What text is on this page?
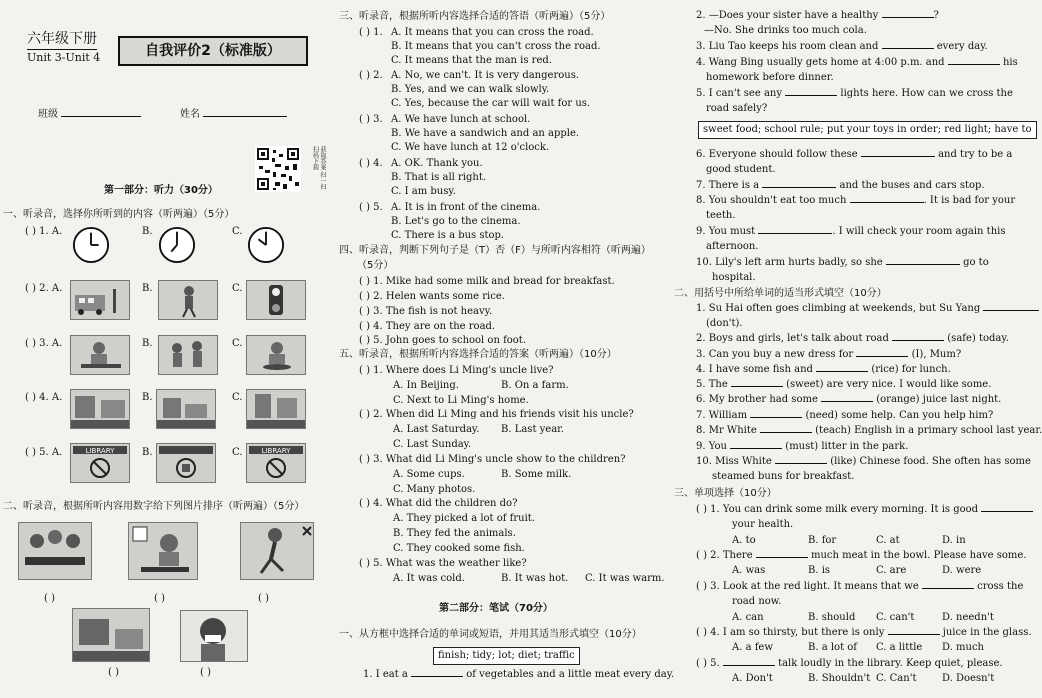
六年级下册
Unit 3-Unit 4	自我评价2（标准版）
班级	姓名
获取答案 扫一扫 扫码下载
第一部分：听力（30分）
一、听录音，选择你所听到的内容（听两遍）（5分）
( ) 1. A.	B.	C.
( ) 2. A.	B.	C.
( ) 3. A.	B.	C.
( ) 4. A.	B.	C.
( ) 5. A.	LIBRARY	B.	C.	LIBRARY
二、听录音，根据所听内容用数字给下列图片排序（听两遍）（5分）
( )	( )	( )
( )	( )
三、听录音，根据所听内容选择合适的答语（听两遍）（5分）
( ) 1. A. It means that you can cross the road.
B. It means that you can't cross the road.
C. It means that the man is red.
( ) 2. A. No, we can't. It is very dangerous.
B. Yes, and we can walk slowly.
C. Yes, because the car will wait for us.
( ) 3. A. We have lunch at school.
B. We have a sandwich and an apple.
C. We have lunch at 12 o'clock.
( ) 4. A. OK. Thank you.
B. That is all right.
C. I am busy.
( ) 5. A. It is in front of the cinema.
B. Let's go to the cinema.
C. There is a bus stop.
四、听录音，判断下列句子是（T）否（F）与所听内容相符（听两遍）
（5分）
( ) 1. Mike had some milk and bread for breakfast.
( ) 2. Helen wants some rice.
( ) 3. The fish is not heavy.
( ) 4. They are on the road.
( ) 5. John goes to school on foot.
五、听录音，根据所听内容选择合适的答案（听两遍）（10分）
( ) 1. Where does Li Ming's uncle live?
A. In Beijing.	B. On a farm.
C. Next to Li Ming's home.
( ) 2. When did Li Ming and his friends visit his uncle?
A. Last Saturday. B. Last year.
C. Last Sunday.
( ) 3. What did Li Ming's uncle show to the children?
A. Some cups.	B. Some milk.
C. Many photos.
( ) 4. What did the children do?
A. They picked a lot of fruit.
B. They fed the animals.
C. They cooked some fish.
( ) 5. What was the weather like?
A. It was cold.	B. It was hot. C. It was warm.
第二部分：笔试（70分）
一、从方框中选择合适的单词或短语，并用其适当形式填空（10分）
finish; tidy; lot; diet; traffic
1. I eat a	of vegetables and a little meat every day.
2. —Does your sister have a healthy	?
—No. She drinks too much cola.
3. Liu Tao keeps his room clean and	every day.
4. Wang Bing usually gets home at 4:00 p.m. and	his
homework before dinner.
5. I can't see any	lights here. How can we cross the
road safely?
sweet food; school rule; put your toys in order; red light; have to
6. Everyone should follow these	and try to be a
good student.
7. There is a	and the buses and cars stop.
8. You shouldn't eat too much	. It is bad for your
teeth.
9. You must	. I will check your room again this
afternoon.
10. Lily's left arm hurts badly, so she	go to
hospital.
二、用括号中所给单词的适当形式填空（10分）
1. Su Hai often goes climbing at weekends, but Su Yang
(don't).
2. Boys and girls, let's talk about road	(safe) today.
3. Can you buy a new dress for	(I), Mum?
4. I have some fish and	(rice) for lunch.
5. The	(sweet) are very nice. I would like some.
6. My brother had some	(orange) juice last night.
7. William	(need) some help. Can you help him?
8. Mr White	(teach) English in a primary school last year.
9. You	(must) litter in the park.
10. Miss White	(like) Chinese food. She often has some
steamed buns for breakfast.
三、单项选择（10分）
( ) 1. You can drink some milk every morning. It is good
your health.
A. to	B. for	C. at	D. in
( ) 2. There	much meat in the bowl. Please have some.
A. was	B. is	C. are	D. were
( ) 3. Look at the red light. It means that we	cross the
road now.
A. can	B. should C. can't	D. needn't
( ) 4. I am so thirsty, but there is only	juice in the glass.
A. a few	B. a lot of C. a little D. much
( ) 5.	talk loudly in the library. Keep quiet, please.
A. Don't	B. Shouldn't C. Can't	D. Doesn't
